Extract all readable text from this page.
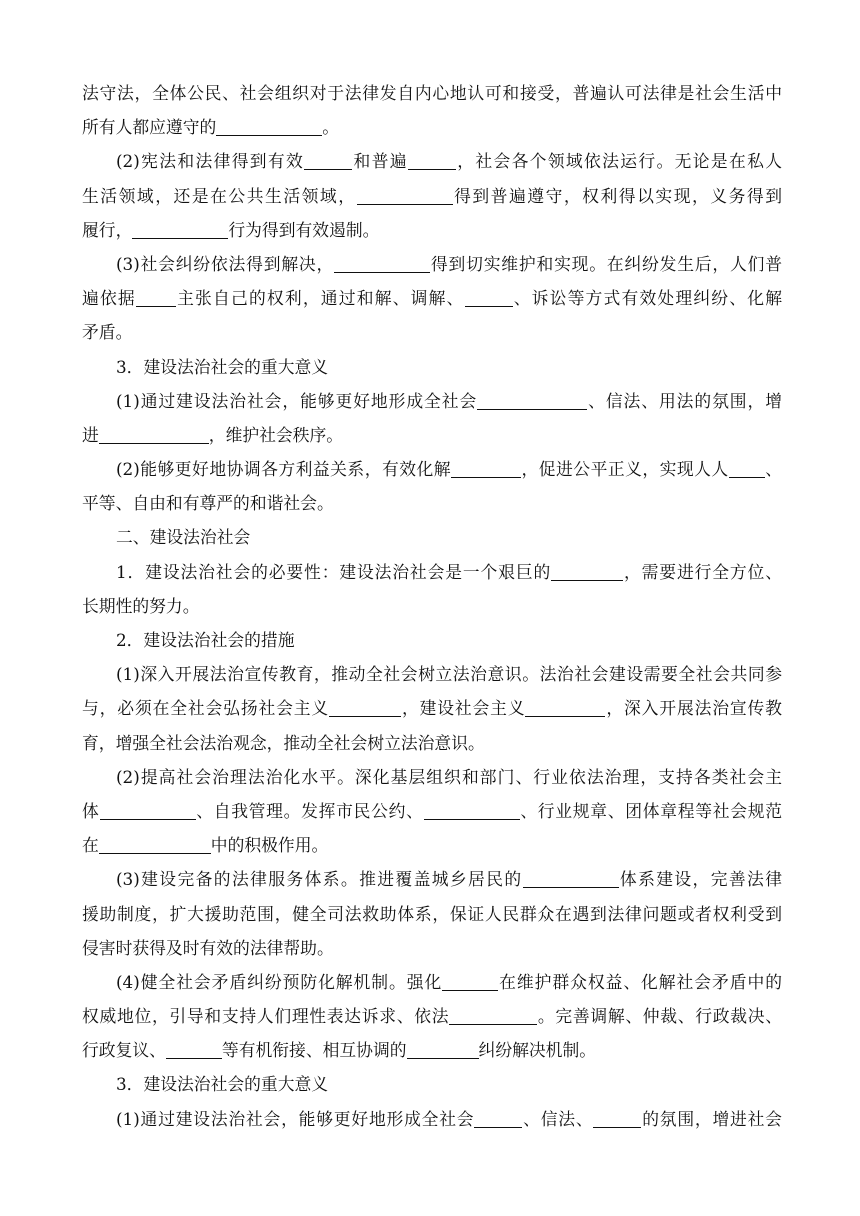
法守法，全体公民、社会组织对于法律发自内心地认可和接受，普遍认可法律是社会生活中
所有人都应遵守的	。
(2)宪法和法律得到有效	和普遍	，社会各个领域依法运行。无论是在私人
生活领域，还是在公共生活领域，	得到普遍遵守，权利得以实现，义务得到
履行，	行为得到有效遏制。
(3)社会纠纷依法得到解决，	得到切实维护和实现。在纠纷发生后，人们普
遍依据 主张自己的权利，通过和解、调解、	、诉讼等方式有效处理纠纷、化解
矛盾。
3．建设法治社会的重大意义
(1)通过建设法治社会，能够更好地形成全社会	、信法、用法的氛围，增
进	，维护社会秩序。
(2)能够更好地协调各方利益关系，有效化解	，促进公平正义，实现人人 、
平等、自由和有尊严的和谐社会。
二、建设法治社会
1．建设法治社会的必要性：建设法治社会是一个艰巨的	，需要进行全方位、
长期性的努力。
2．建设法治社会的措施
(1)深入开展法治宣传教育，推动全社会树立法治意识。法治社会建设需要全社会共同参
与，必须在全社会弘扬社会主义	，建设社会主义	，深入开展法治宣传教
育，增强全社会法治观念，推动全社会树立法治意识。
(2)提高社会治理法治化水平。深化基层组织和部门、行业依法治理，支持各类社会主
体	、自我管理。发挥市民公约、	、行业规章、团体章程等社会规范
在	中的积极作用。
(3)建设完备的法律服务体系。推进覆盖城乡居民的	体系建设，完善法律
援助制度，扩大援助范围，健全司法救助体系，保证人民群众在遇到法律问题或者权利受到
侵害时获得及时有效的法律帮助。
(4)健全社会矛盾纠纷预防化解机制。强化	在维护群众权益、化解社会矛盾中的
权威地位，引导和支持人们理性表达诉求、依法	。完善调解、仲裁、行政裁决、
行政复议、	等有机衔接、相互协调的	纠纷解决机制。
3．建设法治社会的重大意义
(1)通过建设法治社会，能够更好地形成全社会	、信法、	的氛围，增进社会
